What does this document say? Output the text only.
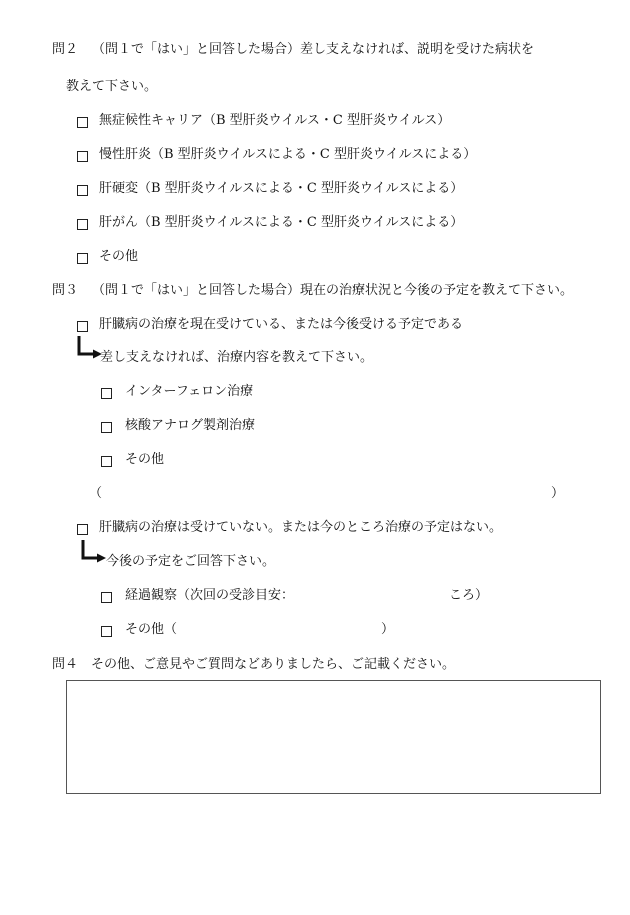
問２ （問１で「はい」と回答した場合）差し支えなければ、説明を受けた病状を
教えて下さい。
無症候性キャリア（B 型肝炎ウイルス・C 型肝炎ウイルス）
慢性肝炎（B 型肝炎ウイルスによる・C 型肝炎ウイルスによる）
肝硬変（B 型肝炎ウイルスによる・C 型肝炎ウイルスによる）
肝がん（B 型肝炎ウイルスによる・C 型肝炎ウイルスによる）
その他
問３ （問１で「はい」と回答した場合）現在の治療状況と今後の予定を教えて下さい。
肝臓病の治療を現在受けている、または今後受ける予定である
差し支えなければ、治療内容を教えて下さい。
インターフェロン治療
核酸アナログ製剤治療
その他
（	）
肝臓病の治療は受けていない。または今のところ治療の予定はない。
今後の予定をご回答下さい。
経過観察（次回の受診目安：	ころ）
その他（	）
問４ その他、ご意見やご質問などありましたら、ご記載ください。
